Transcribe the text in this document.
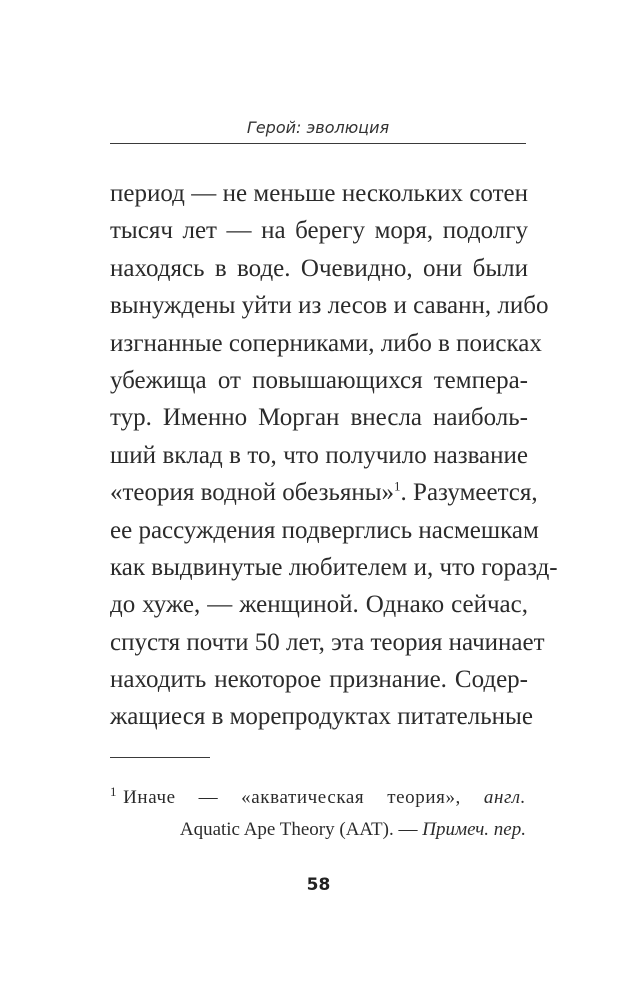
Герой: эволюция
период — не меньше нескольких сотен
тысяч лет — на берегу моря, подолгу
находясь в воде. Очевидно, они были
вынуждены уйти из лесов и саванн, либо
изгнанные соперниками, либо в поисках
убежища от повышающихся темпера-
тур. Именно Морган внесла наиболь-
ший вклад в то, что получило название
«теория водной обезьяны»$^1$. Разумеется,
ее рассуждения подверглись насмешкам
как выдвинутые любителем и, что горазд-
до хуже, — женщиной. Однако сейчас,
спустя почти 50 лет, эта теория начинает
находить некоторое признание. Содер-
жащиеся в морепродуктах питательные
$^1$ Иначе — «акватическая теория», англ.
Aquatic Ape Theory (AAT). — Примеч. пер.
58
